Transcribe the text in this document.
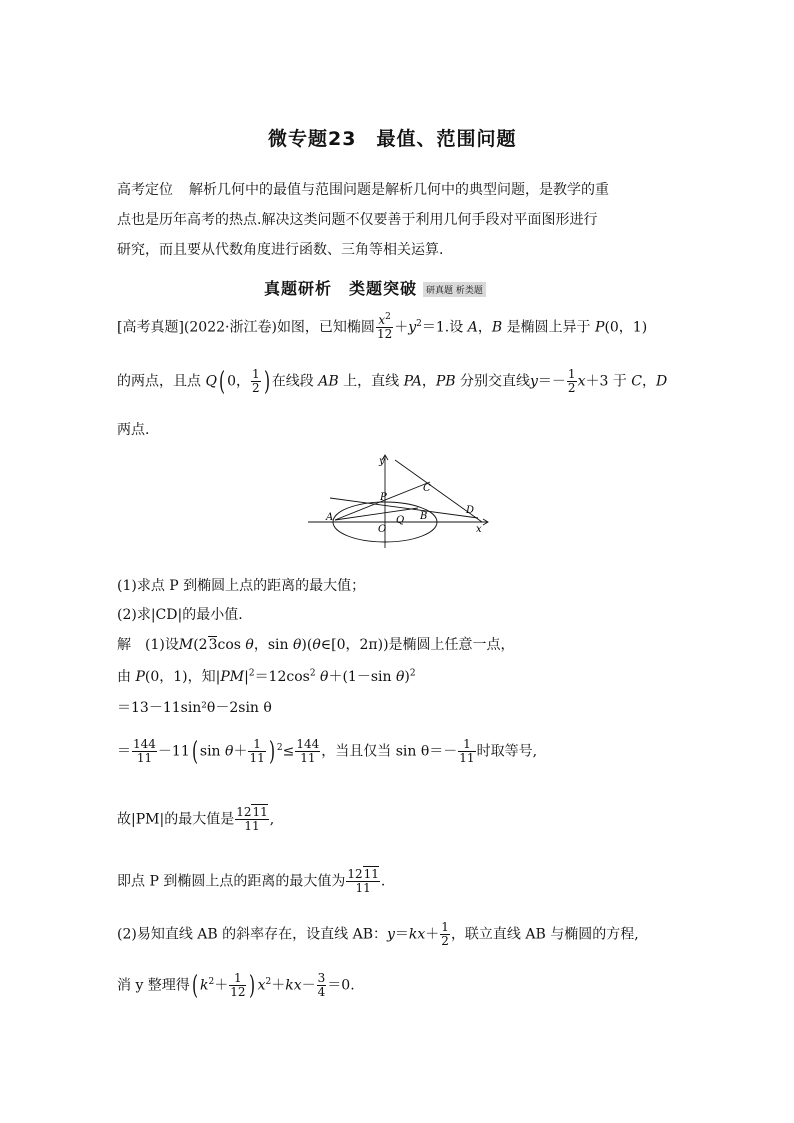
微专题23　最值、范围问题
高考定位 解析几何中的最值与范围问题是解析几何中的典型问题，是教学的重
点也是历年高考的热点.解决这类问题不仅要善于利用几何手段对平面图形进行
研究，而且要从代数角度进行函数、三角等相关运算.
真题研析　类题突破 研真题 析类题
[高考真题](2022·浙江卷)如图，已知椭圆 $\frac{x^2}{12} +y^2=1$.设 A，B 是椭圆上异于 P(0，1)
的两点，且点 Q( 0， $\frac{1}{2}$ ) 在线段 AB 上，直线 PA，PB 分别交直线$y=- \frac{1}{2} x+3$ 于 C，D
两点.
y
x
P
C
A	Q B
D
O
(1)求点 P 到椭圆上点的距离的最大值；
(2)求|CD|的最小值.
解　(1)设M(23cos θ，sin θ)(θ∈[0，2π))是椭圆上任意一点，
由 P(0，1)，知$|PM|^2=12\cos^2$ θ＋(1－sin θ)$^2$
＝13－11sin²θ－2sin θ
＝ $\frac{144}{11} -11$( $\sin \theta+ \frac{1}{11}$ ) $^2\le \frac{144}{11}$ ，当且仅当 $\sin \theta=- \frac{1}{11}$ 时取等号,
故|PM|的最大值是 $\frac{1211}{11}$ ,
即点 P 到椭圆上点的距离的最大值为 $\frac{1211}{11}$ .
(2)易知直线 AB 的斜率存在，设直线 AB：$y=kx+ \frac{1}{2}$ ，联立直线 AB 与椭圆的方程,
消 y 整理得( $k^2+ \frac{1}{12}$ ) $x^2+kx- \frac{3}{4} =0$.
